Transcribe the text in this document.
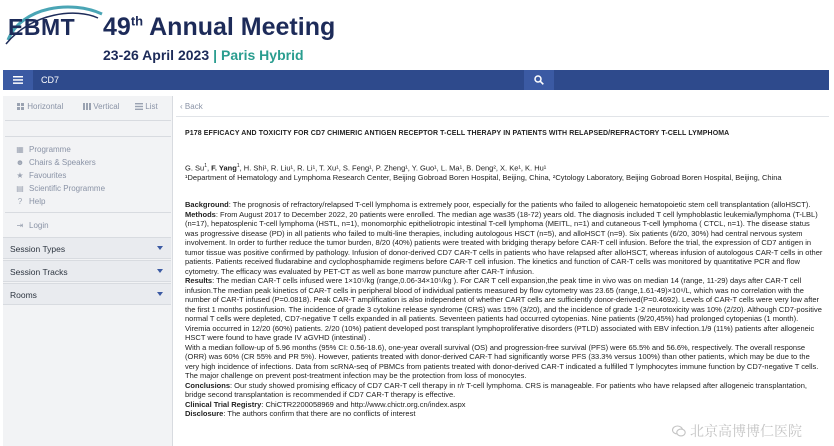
EBMT 49th Annual Meeting
23-26 April 2023 | Paris Hybrid
CD7
Horizontal	Vertical	List
▦ Programme
☻ Chairs & Speakers
★ Favourites
▤ Scientific Programme
? Help
⇥ Login
Session Types
Session Tracks
Rooms
‹ Back
P178 EFFICACY AND TOXICITY FOR CD7 CHIMERIC ANTIGEN RECEPTOR T-CELL THERAPY IN PATIENTS WITH RELAPSED/REFRACTORY T-CELL LYMPHOMA
G. Su$^1$, F. Yang$^1$, H. Shi¹, R. Liu¹, R. Li¹, T. Xu¹, S. Feng¹, P. Zheng¹, Y. Guo¹, L. Ma¹, B. Deng², X. Ke¹, K. Hu¹
¹Department of Hematology and Lymphoma Research Center, Beijing Gobroad Boren Hospital, Beijing, China, ²Cytology Laboratory, Beijing Gobroad Boren Hospital, Beijing, China

Background: The prognosis of refractory/relapsed T-cell lymphoma is extremely poor, especially for the patients who failed to allogeneic hematopoietic stem cell transplantation (alloHSCT).

Methods: From August 2017 to December 2022, 20 patients were enrolled. The median age was35 (18-72) years old. The diagnosis included T cell lymphoblastic leukemia/lymphoma (T-LBL) (n=17), hepatosplenic T-cell lymphoma (HSTL, n=1), monomorphic epitheliotropic intestinal T-cell lymphoma (MEITL, n=1) and cutaneous T-cell lymphoma ( CTCL, n=1). The disease status was progressive disease (PD) in all patients who failed to multi-line therapies, including autologous HSCT (n=5), and alloHSCT (n=9). Six patients (6/20, 30%) had central nervous system involvement. In order to further reduce the tumor burden, 8/20 (40%) patients were treated with bridging therapy before CAR-T cell infusion. Before the trial, the expression of CD7 antigen in tumor tissue was positive confirmed by pathology. Infusion of donor-derived CD7 CAR-T cells in patients who have relapsed after alloHSCT, whereas infusion of autologous CAR-T cells in other patients. Patients received fludarabine and cyclophosphamide regimens before CAR-T cell infusion. The kinetics and function of CAR-T cells was monitored by quantitative PCR and flow cytometry. The efficacy was evaluated by PET-CT as well as bone marrow puncture after CAR-T infusion.

Results: The median CAR-T cells infused were 1×10⁵/kg (range,0.06-34×10⁵/kg ). For CAR T cell expansion,the peak time in vivo was on median 14 (range, 11-29) days after CAR-T cell infusion.The median peak kinetics of CAR-T cells in peripheral blood of individual patients measured by flow cytometry was 23.65 (range,1.61-49)×10⁶/L, which was no correlation with the number of CAR-T infused (P=0.0818). Peak CAR-T amplification is also independent of whether CART cells are sufficiently donor-derived(P=0.4692). Levels of CAR-T cells were very low after the first 1 months postinfusion. The incidence of grade 3 cytokine release syndrome (CRS) was 15% (3/20), and the incidence of grade 1-2 neurotoxicity was 10% (2/20). Although CD7-positive normal T cells were depleted, CD7-negative T cells expanded in all patients. Seventeen patients had occurred cytopenias. Nine patients (9/20,45%) had prolonged cytopenias (1 month). Viremia occurred in 12/20 (60%) patients. 2/20 (10%) patient developed post transplant lymphoproliferative disorders (PTLD) associated with EBV infection.1/9 (11%) patients after allogeneic HSCT were found to have grade IV aGVHD (intestinal) .

With a median follow-up of 5.96 months (95% CI: 0.56-18.6), one-year overall survival (OS) and progression-free survival (PFS) were 65.5% and 56.6%, respectively. The overall response (ORR) was 60% (CR 55% and PR 5%). However, patients treated with donor-derived CAR-T had significantly worse PFS (33.3% versus 100%) than other patients, which may be due to the very high incidence of infections. Data from scRNA-seq of PBMCs from patients treated with donor-derived CAR-T indicated a fulfilled T lymphocytes immune function by CD7-negative T cells. The major challenge on prevent post-treatment infection may be the protection from loss of monocytes.

Conclusions: Our study showed promising efficacy of CD7 CAR-T cell therapy in r/r T-cell lymphoma. CRS is manageable. For patients who have relapsed after allogeneic transplantation, bridge second transplantation is recommended if CD7 CAR-T therapy is effective.

Clinical Trial Registry: ChiCTR2200058969 and http://www.chictr.org.cn/index.aspx

Disclosure: The authors confirm that there are no conflicts of interest

北京高博博仁医院
